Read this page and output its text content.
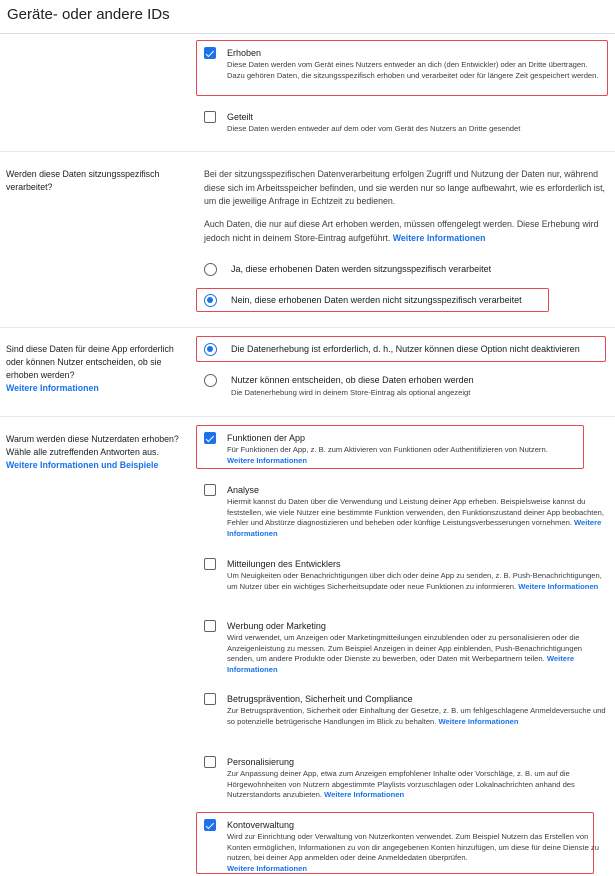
Geräte- oder andere IDs
Erhoben
Diese Daten werden vom Gerät eines Nutzers entweder an dich (den Entwickler) oder an Dritte übertragen. Dazu gehören Daten, die sitzungsspezifisch erhoben und verarbeitet oder für längere Zeit gespeichert werden.
Geteilt
Diese Daten werden entweder auf dem oder vom Gerät des Nutzers an Dritte gesendet
Werden diese Daten sitzungsspezifisch verarbeitet?
Bei der sitzungsspezifischen Datenverarbeitung erfolgen Zugriff und Nutzung der Daten nur, während diese sich im Arbeitsspeicher befinden, und sie werden nur so lange aufbewahrt, wie es erforderlich ist, um die jeweilige Anfrage in Echtzeit zu bedienen.
Auch Daten, die nur auf diese Art erhoben werden, müssen offengelegt werden. Diese Erhebung wird jedoch nicht in deinem Store-Eintrag aufgeführt. Weitere Informationen
Ja, diese erhobenen Daten werden sitzungsspezifisch verarbeitet
Nein, diese erhobenen Daten werden nicht sitzungsspezifisch verarbeitet
Sind diese Daten für deine App erforderlich oder können Nutzer entscheiden, ob sie erhoben werden?
Weitere Informationen
Die Datenerhebung ist erforderlich, d. h., Nutzer können diese Option nicht deaktivieren
Nutzer können entscheiden, ob diese Daten erhoben werden
Die Datenerhebung wird in deinem Store-Eintrag als optional angezeigt
Warum werden diese Nutzerdaten erhoben? Wähle alle zutreffenden Antworten aus.
Weitere Informationen und Beispiele
Funktionen der App
Für Funktionen der App, z. B. zum Aktivieren von Funktionen oder Authentifizieren von Nutzern.
Weitere Informationen
Analyse
Hiermit kannst du Daten über die Verwendung und Leistung deiner App erheben. Beispielsweise kannst du feststellen, wie viele Nutzer eine bestimmte Funktion verwenden, den Funktionszustand deiner App beobachten, Fehler und Abstürze diagnostizieren und beheben oder künftige Leistungsverbesserungen vornehmen. Weitere Informationen
Mitteilungen des Entwicklers
Um Neuigkeiten oder Benachrichtigungen über dich oder deine App zu senden, z. B. Push-Benachrichtigungen, um Nutzer über ein wichtiges Sicherheitsupdate oder neue Funktionen zu informieren. Weitere Informationen
Werbung oder Marketing
Wird verwendet, um Anzeigen oder Marketingmitteilungen einzublenden oder zu personalisieren oder die Anzeigenleistung zu messen. Zum Beispiel Anzeigen in deiner App einblenden, Push-Benachrichtigungen senden, um andere Produkte oder Dienste zu bewerben, oder Daten mit Werbepartnern teilen. Weitere Informationen
Betrugsprävention, Sicherheit und Compliance
Zur Betrugsprävention, Sicherheit oder Einhaltung der Gesetze, z. B. um fehlgeschlagene Anmeldeversuche und so potenzielle betrügerische Handlungen im Blick zu behalten. Weitere Informationen
Personalisierung
Zur Anpassung deiner App, etwa zum Anzeigen empfohlener Inhalte oder Vorschläge, z. B. um auf die Hörgewohnheiten von Nutzern abgestimmte Playlists vorzuschlagen oder Lokalnachrichten anhand des Nutzerstandorts anzubieten. Weitere Informationen
Kontoverwaltung
Wird zur Einrichtung oder Verwaltung von Nutzerkonten verwendet. Zum Beispiel Nutzern das Erstellen von Konten ermöglichen, Informationen zu von dir angegebenen Konten hinzufügen, um diese für deine Dienste zu nutzen, bei deiner App anmelden oder deine Anmeldedaten überprüfen.
Weitere Informationen
